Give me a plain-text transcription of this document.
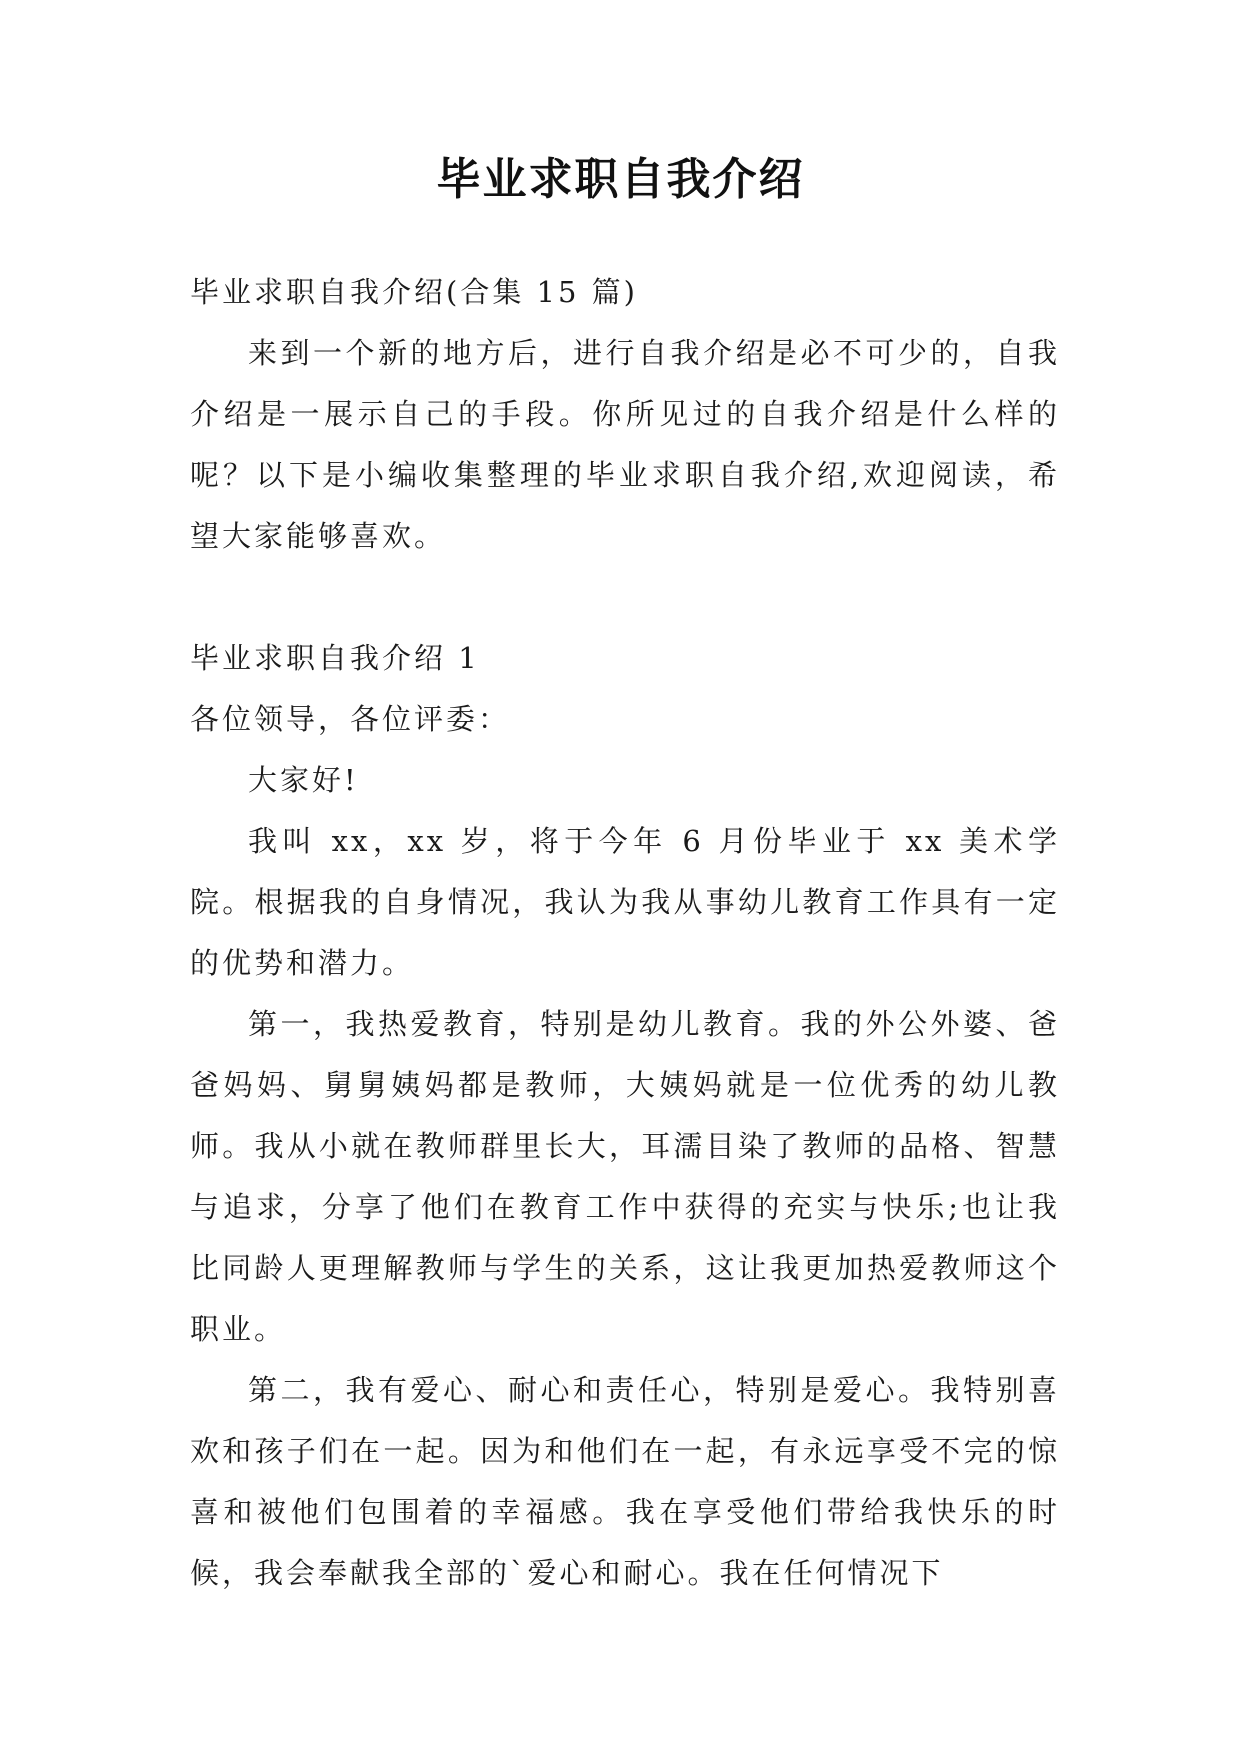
毕业求职自我介绍

毕业求职自我介绍(合集 15 篇)

来到一个新的地方后，进行自我介绍是必不可少的，自我介绍是一展示自己的手段。你所见过的自我介绍是什么样的呢？以下是小编收集整理的毕业求职自我介绍,欢迎阅读，希望大家能够喜欢。

毕业求职自我介绍 1

各位领导，各位评委：

大家好!

我叫 xx，xx 岁，将于今年 6 月份毕业于 xx 美术学院。根据我的自身情况，我认为我从事幼儿教育工作具有一定的优势和潜力。

第一，我热爱教育，特别是幼儿教育。我的外公外婆、爸爸妈妈、舅舅姨妈都是教师，大姨妈就是一位优秀的幼儿教师。我从小就在教师群里长大，耳濡目染了教师的品格、智慧与追求，分享了他们在教育工作中获得的充实与快乐;也让我比同龄人更理解教师与学生的关系，这让我更加热爱教师这个职业。

第二，我有爱心、耐心和责任心，特别是爱心。我特别喜欢和孩子们在一起。因为和他们在一起，有永远享受不完的惊喜和被他们包围着的幸福感。我在享受他们带给我快乐的时候，我会奉献我全部的`爱心和耐心。我在任何情况下
